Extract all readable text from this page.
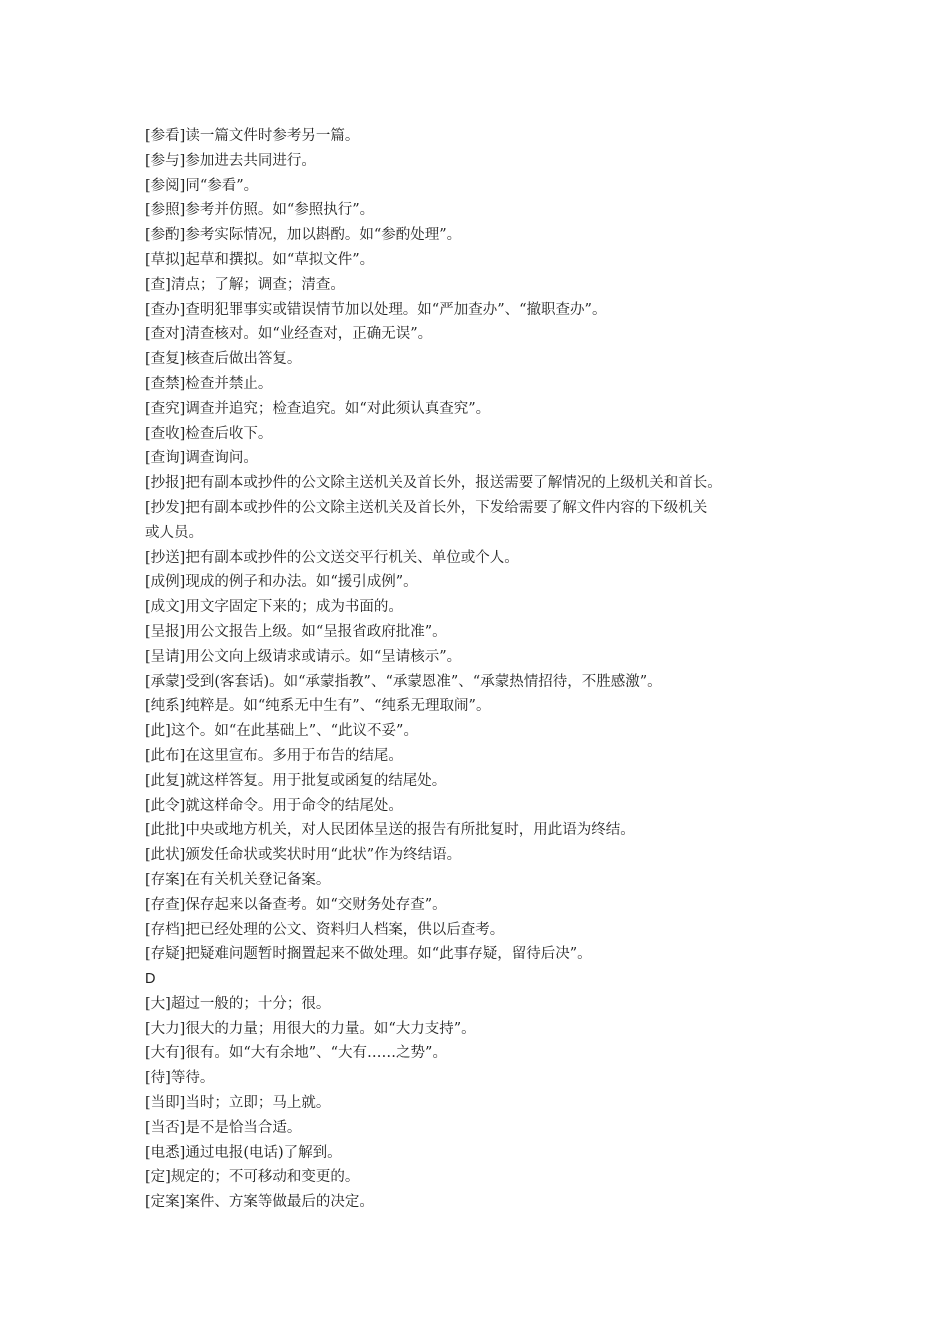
[参看]读一篇文件时参考另一篇。

[参与]参加进去共同进行。

[参阅]同“参看”。

[参照]参考并仿照。如“参照执行”。

[参酌]参考实际情况，加以斟酌。如“参酌处理”。

[草拟]起草和撰拟。如“草拟文件”。

[查]清点；了解；调查；清查。

[查办]查明犯罪事实或错误情节加以处理。如“严加查办”、“撤职查办”。

[查对]清查核对。如“业经查对，正确无误”。

[查复]核查后做出答复。

[查禁]检查并禁止。

[查究]调查并追究；检查追究。如“对此须认真查究”。

[查收]检查后收下。

[查询]调查询问。

[抄报]把有副本或抄件的公文除主送机关及首长外，报送需要了解情况的上级机关和首长。

[抄发]把有副本或抄件的公文除主送机关及首长外，下发给需要了解文件内容的下级机关

或人员。

[抄送]把有副本或抄件的公文送交平行机关、单位或个人。

[成例]现成的例子和办法。如“援引成例”。

[成文]用文字固定下来的；成为书面的。

[呈报]用公文报告上级。如“呈报省政府批准”。

[呈请]用公文向上级请求或请示。如“呈请核示”。

[承蒙]受到(客套话)。如“承蒙指教”、“承蒙恩准”、“承蒙热情招待，不胜感激”。

[纯系]纯粹是。如“纯系无中生有”、“纯系无理取闹”。

[此]这个。如“在此基础上”、“此议不妥”。

[此布]在这里宣布。多用于布告的结尾。

[此复]就这样答复。用于批复或函复的结尾处。

[此令]就这样命令。用于命令的结尾处。

[此批]中央或地方机关，对人民团体呈送的报告有所批复时，用此语为终结。

[此状]颁发任命状或奖状时用“此状”作为终结语。

[存案]在有关机关登记备案。

[存查]保存起来以备查考。如“交财务处存查”。

[存档]把已经处理的公文、资料归人档案，供以后查考。

[存疑]把疑难问题暂时搁置起来不做处理。如“此事存疑，留待后决”。

D

[大]超过一般的；十分；很。

[大力]很大的力量；用很大的力量。如“大力支持”。

[大有]很有。如“大有余地”、“大有……之势”。

[待]等待。

[当即]当时；立即；马上就。

[当否]是不是恰当合适。

[电悉]通过电报(电话)了解到。

[定]规定的；不可移动和变更的。

[定案]案件、方案等做最后的决定。
